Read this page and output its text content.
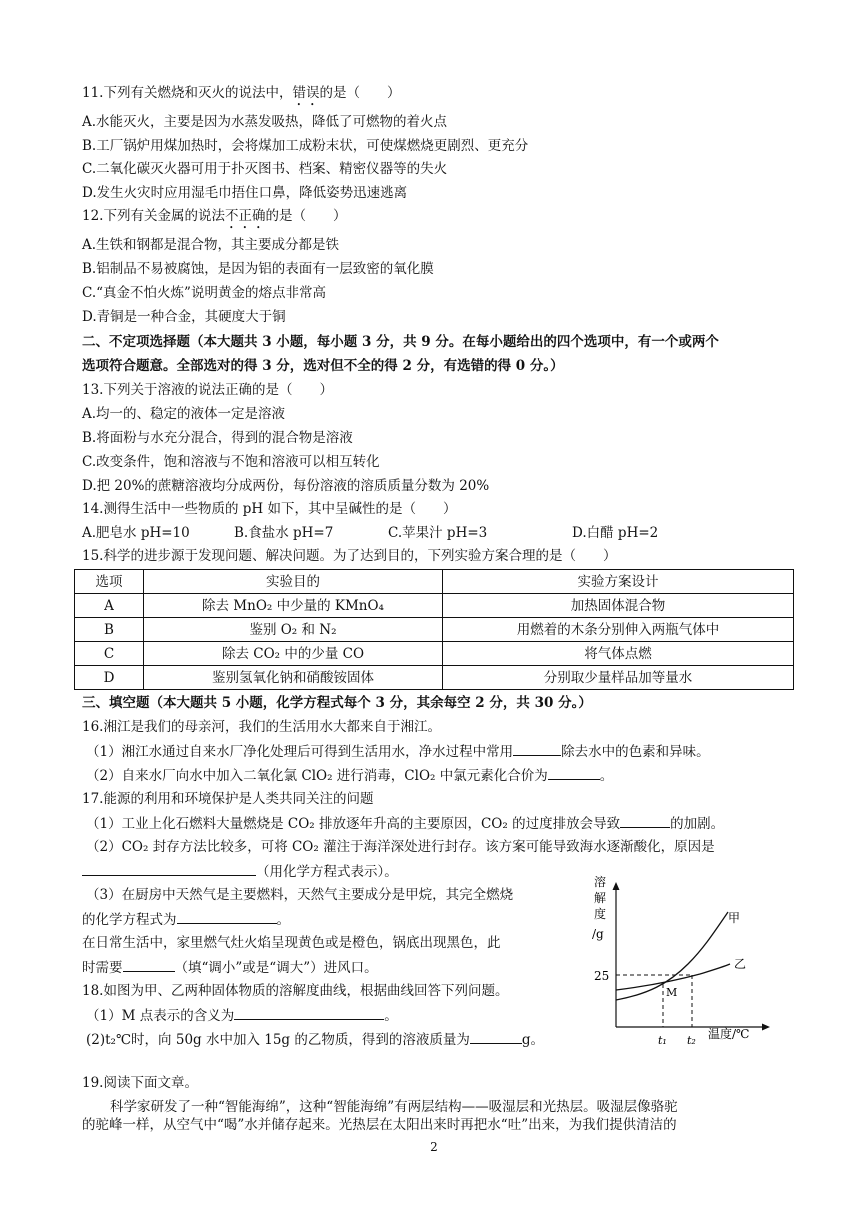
11.下列有关燃烧和灭火的说法中，错误的是（　　）
A.水能灭火，主要是因为水蒸发吸热，降低了可燃物的着火点
B.工厂锅炉用煤加热时，会将煤加工成粉末状，可使煤燃烧更剧烈、更充分
C.二氧化碳灭火器可用于扑灭图书、档案、精密仪器等的失火
D.发生火灾时应用湿毛巾捂住口鼻，降低姿势迅速逃离
12.下列有关金属的说法不正确的是（　　）
A.生铁和钢都是混合物，其主要成分都是铁
B.铝制品不易被腐蚀，是因为铝的表面有一层致密的氧化膜
C.“真金不怕火炼”说明黄金的熔点非常高
D.青铜是一种合金，其硬度大于铜
二、不定项选择题（本大题共 3 小题，每小题 3 分，共 9 分。在每小题给出的四个选项中，有一个或两个
选项符合题意。全部选对的得 3 分，选对但不全的得 2 分，有选错的得 0 分。）
13.下列关于溶液的说法正确的是（　　）
A.均一的、稳定的液体一定是溶液
B.将面粉与水充分混合，得到的混合物是溶液
C.改变条件，饱和溶液与不饱和溶液可以相互转化
D.把 20%的蔗糖溶液均分成两份，每份溶液的溶质质量分数为 20%
14.测得生活中一些物质的 pH 如下，其中呈碱性的是（　　）
A.肥皂水 pH=10	B.食盐水 pH=7	C.苹果汁 pH=3	D.白醋 pH=2
15.科学的进步源于发现问题、解决问题。为了达到目的，下列实验方案合理的是（　　）
选项	实验目的	实验方案设计
A	除去 MnO₂ 中少量的 KMnO₄	加热固体混合物
B	鉴别 O₂ 和 N₂	用燃着的木条分别伸入两瓶气体中
C	除去 CO₂ 中的少量 CO	将气体点燃
D	鉴别氢氧化钠和硝酸铵固体	分别取少量样品加等量水
三、填空题（本大题共 5 小题，化学方程式每个 3 分，其余每空 2 分，共 30 分。）
16.湘江是我们的母亲河，我们的生活用水大都来自于湘江。
（1）湘江水通过自来水厂净化处理后可得到生活用水，净水过程中常用	除去水中的色素和异味。
（2）自来水厂向水中加入二氧化氯 ClO₂ 进行消毒，ClO₂ 中氯元素化合价为	。
17.能源的利用和环境保护是人类共同关注的问题
（1）工业上化石燃料大量燃烧是 CO₂ 排放逐年升高的主要原因，CO₂ 的过度排放会导致	的加剧。
（2）CO₂ 封存方法比较多，可将 CO₂ 灌注于海洋深处进行封存。该方案可能导致海水逐渐酸化，原因是
（用化学方程式表示）。
（3）在厨房中天然气是主要燃料，天然气主要成分是甲烷，其完全燃烧
的化学方程式为	。
在日常生活中，家里燃气灶火焰呈现黄色或是橙色，锅底出现黑色，此
时需要	（填“调小”或是“调大”）进风口。
18.如图为甲、乙两种固体物质的溶解度曲线，根据曲线回答下列问题。
（1）M 点表示的含义为	。
(2)t₂℃时，向 50g 水中加入 15g 的乙物质，得到的溶液质量为	g。
溶
解
度
/g
甲
乙
M
25
t₁ t₂ 温度/℃
19.阅读下面文章。
科学家研发了一种“智能海绵”，这种“智能海绵”有两层结构——吸湿层和光热层。吸湿层像骆驼
的驼峰一样，从空气中“喝”水并储存起来。光热层在太阳出来时再把水“吐”出来，为我们提供清洁的
2
